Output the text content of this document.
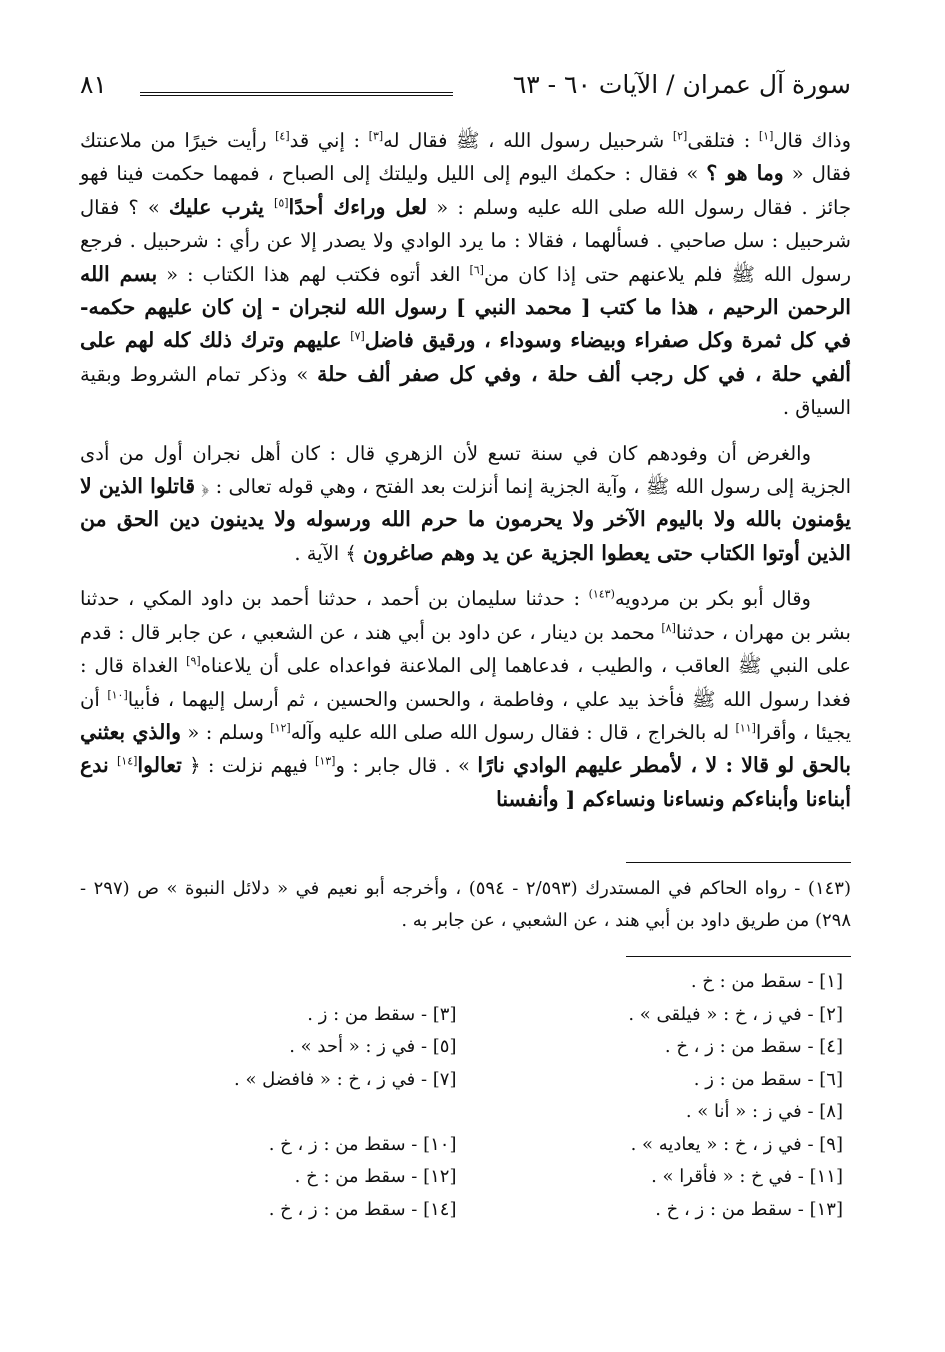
سورة آل عمران / الآيات ٦٠ - ٦٣
٨١

وذاك قال[١] : فتلقى[٢] شرحبيل رسول الله ، ﷺ فقال له[٣] : إني قد[٤] رأيت خيرًا من ملاعنتك فقال « وما هو ؟ » فقال : حكمك اليوم إلى الليل وليلتك إلى الصباح ، فمهما حكمت فينا فهو جائز . فقال رسول الله صلى الله عليه وسلم : « لعل وراءك أحدًا[٥] يثرب عليك » ؟ فقال شرحبيل : سل صاحبي . فسألهما ، فقالا : ما يرد الوادي ولا يصدر إلا عن رأي : شرحبيل . فرجع رسول الله ﷺ فلم يلاعنهم حتى إذا كان من[٦] الغد أتوه فكتب لهم هذا الكتاب : « بسم الله الرحمن الرحيم ، هذا ما كتب [ محمد النبي ] رسول الله لنجران - إن كان عليهم حكمه- في كل ثمرة وكل صفراء وبيضاء وسوداء ، ورقيق فاضل[٧] عليهم وترك ذلك كله لهم على ألفي حلة ، في كل رجب ألف حلة ، وفي كل صفر ألف حلة » وذكر تمام الشروط وبقية السياق .

والغرض أن وفودهم كان في سنة تسع لأن الزهري قال : كان أهل نجران أول من أدى الجزية إلى رسول الله ﷺ ، وآية الجزية إنما أنزلت بعد الفتح ، وهي قوله تعالى : ﴿ قاتلوا الذين لا يؤمنون بالله ولا باليوم الآخر ولا يحرمون ما حرم الله ورسوله ولا يدينون دين الحق من الذين أوتوا الكتاب حتى يعطوا الجزية عن يد وهم صاغرون ﴾ الآية .

وقال أبو بكر بن مردويه$^{(١٤٣)}$ : حدثنا سليمان بن أحمد ، حدثنا أحمد بن داود المكي ، حدثنا بشر بن مهران ، حدثنا[٨] محمد بن دينار ، عن داود بن أبي هند ، عن الشعبي ، عن جابر قال : قدم على النبي ﷺ العاقب ، والطيب ، فدعاهما إلى الملاعنة فواعداه على أن يلاعناه[٩] الغداة قال : فغدا رسول الله ﷺ فأخذ بيد علي ، وفاطمة ، والحسن والحسين ، ثم أرسل إليهما ، فأبيا[١٠] أن يجيئا ، وأقرا[١١] له بالخراج ، قال : فقال رسول الله صلى الله عليه وآله[١٢] وسلم : « والذي بعثني بالحق لو قالا : لا ، لأمطر عليهم الوادي نارًا » . قال جابر : و[١٣] فيهم نزلت : ﴿ تعالوا[١٤] ندع أبناءنا وأبناءكم ونساءنا ونساءكم [ وأنفسنا

(١٤٣) - رواه الحاكم في المستدرك (٢/٥٩٣ - ٥٩٤) ، وأخرجه أبو نعيم في « دلائل النبوة » ص (٢٩٧ - ٢٩٨) من طريق داود بن أبي هند ، عن الشعبي ، عن جابر به .
[١] - سقط من : خ .
[٢] - في ز ، خ : « فيلقى » .
[٣] - سقط من : ز .
[٤] - سقط من : ز ، خ .
[٥] - في ز : « أحد » .
[٦] - سقط من : ز .
[٧] - في ز ، خ : « فافضل » .
[٨] - في ز : « أنا » .
[٩] - في ز ، خ : « يعاديه » .
[١٠] - سقط من : ز ، خ .
[١١] - في خ : « فأقرا » .
[١٢] - سقط من : خ .
[١٣] - سقط من : ز ، خ .
[١٤] - سقط من : ز ، خ .
